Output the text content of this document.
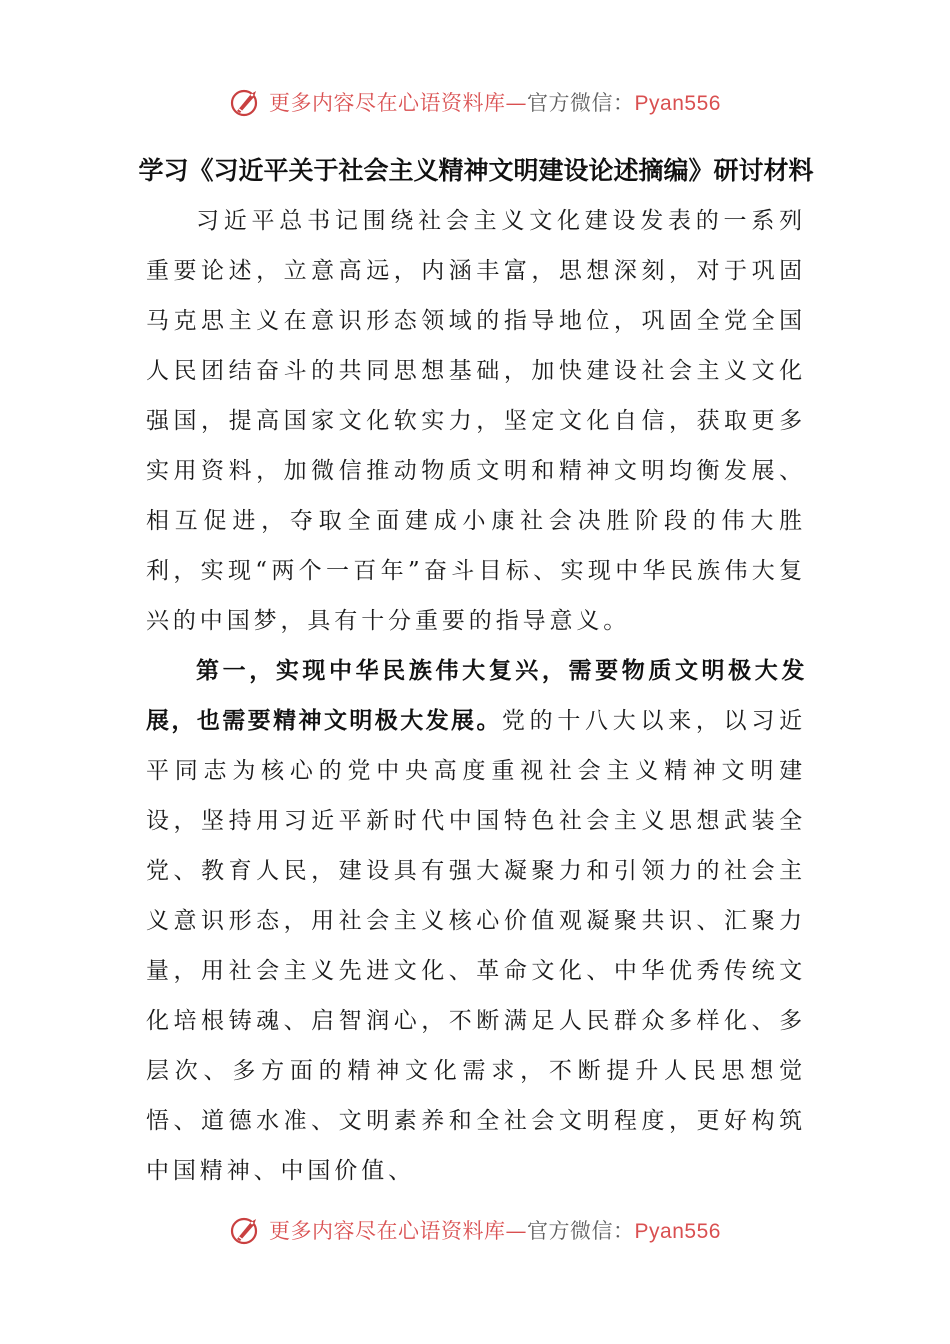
更多内容尽在心语资料库—官方微信：Pyan556
学习《习近平关于社会主义精神文明建设论述摘编》研讨材料

习近平总书记围绕社会主义文化建设发表的一系列重要论述，立意高远，内涵丰富，思想深刻，对于巩固马克思主义在意识形态领域的指导地位，巩固全党全国人民团结奋斗的共同思想基础，加快建设社会主义文化强国，提高国家文化软实力，坚定文化自信，获取更多实用资料，加微信推动物质文明和精神文明均衡发展、相互促进，夺取全面建成小康社会决胜阶段的伟大胜利，实现“两个一百年”奋斗目标、实现中华民族伟大复兴的中国梦，具有十分重要的指导意义。

第一，实现中华民族伟大复兴，需要物质文明极大发展，也需要精神文明极大发展。党的十八大以来，以习近平同志为核心的党中央高度重视社会主义精神文明建设，坚持用习近平新时代中国特色社会主义思想武装全党、教育人民，建设具有强大凝聚力和引领力的社会主义意识形态，用社会主义核心价值观凝聚共识、汇聚力量，用社会主义先进文化、革命文化、中华优秀传统文化培根铸魂、启智润心，不断满足人民群众多样化、多层次、多方面的精神文化需求，不断提升人民思想觉悟、道德水准、文明素养和全社会文明程度，更好构筑中国精神、中国价值、

更多内容尽在心语资料库—官方微信：Pyan556
